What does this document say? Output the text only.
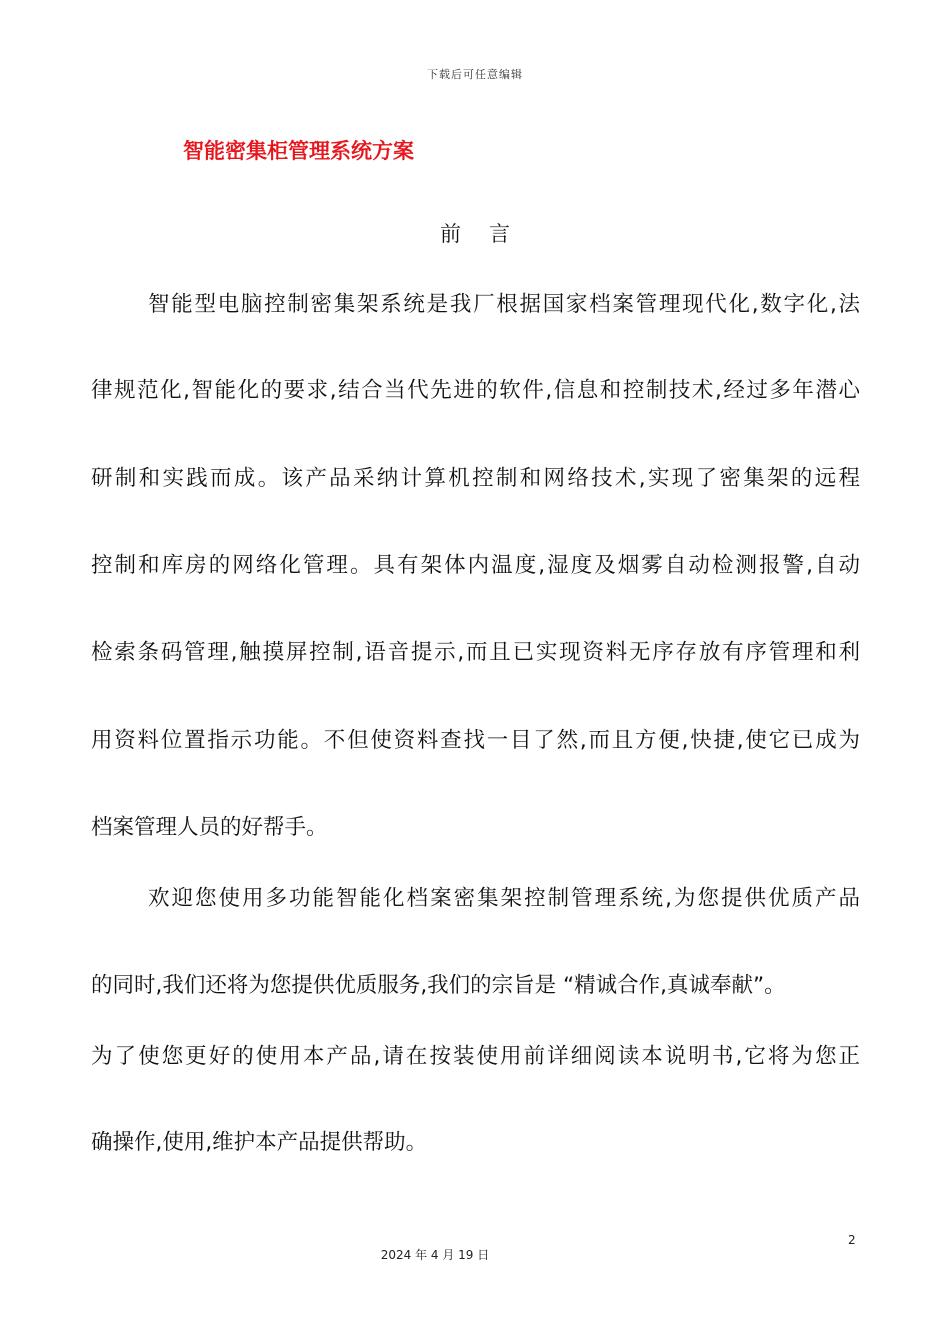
下载后可任意编辑
智能密集柜管理系统方案
前言
智能型电脑控制密集架系统是我厂根据国家档案管理现代化,数字化,法
律规范化,智能化的要求,结合当代先进的软件,信息和控制技术,经过多年潜心
研制和实践而成。该产品采纳计算机控制和网络技术,实现了密集架的远程
控制和库房的网络化管理。具有架体内温度,湿度及烟雾自动检测报警,自动
检索条码管理,触摸屏控制,语音提示,而且已实现资料无序存放有序管理和利
用资料位置指示功能。不但使资料查找一目了然,而且方便,快捷,使它已成为
档案管理人员的好帮手。
欢迎您使用多功能智能化档案密集架控制管理系统,为您提供优质产品
的同时,我们还将为您提供优质服务,我们的宗旨是 “精诚合作,真诚奉献”。
为了使您更好的使用本产品,请在按装使用前详细阅读本说明书,它将为您正
确操作,使用,维护本产品提供帮助。
2
2024 年 4 月 19 日
